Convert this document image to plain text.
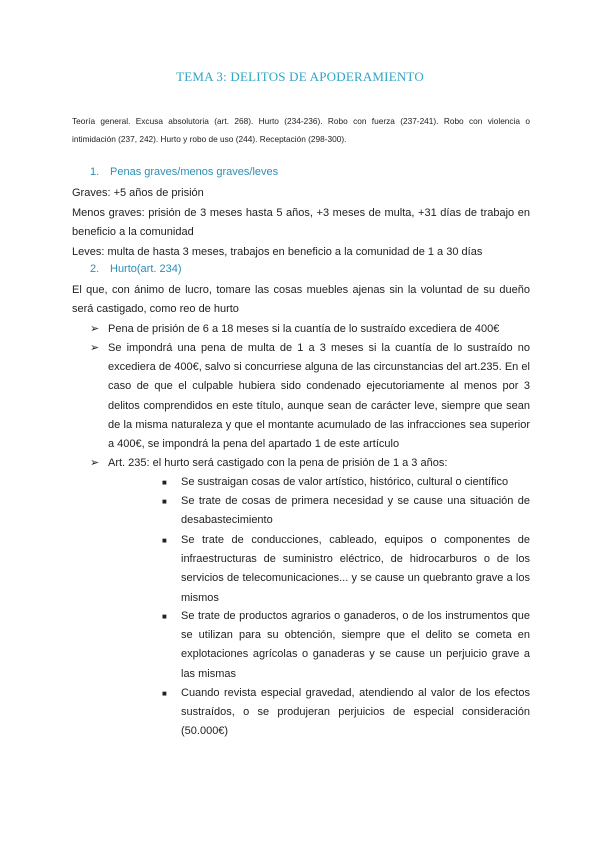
TEMA 3: DELITOS DE APODERAMIENTO
Teoría general. Excusa absolutoria (art. 268). Hurto (234-236). Robo con fuerza (237-241). Robo con violencia o intimidación (237, 242). Hurto y robo de uso (244). Receptación (298-300).
1. Penas graves/menos graves/leves
Graves: +5 años de prisión
Menos graves: prisión de 3 meses hasta 5 años, +3 meses de multa, +31 días de trabajo en beneficio a la comunidad
Leves: multa de hasta 3 meses, trabajos en beneficio a la comunidad de 1 a 30 días
2. Hurto(art. 234)
El que, con ánimo de lucro, tomare las cosas muebles ajenas sin la voluntad de su dueño será castigado, como reo de hurto
➢ Pena de prisión de 6 a 18 meses si la cuantía de lo sustraído excediera de 400€
➢ Se impondrá una pena de multa de 1 a 3 meses si la cuantía de lo sustraído no excediera de 400€, salvo si concurriese alguna de las circunstancias del art.235. En el caso de que el culpable hubiera sido condenado ejecutoriamente al menos por 3 delitos comprendidos en este título, aunque sean de carácter leve, siempre que sean de la misma naturaleza y que el montante acumulado de las infracciones sea superior a 400€, se impondrá la pena del apartado 1 de este artículo
➢ Art. 235: el hurto será castigado con la pena de prisión de 1 a 3 años:
■ Se sustraigan cosas de valor artístico, histórico, cultural o científico
■ Se trate de cosas de primera necesidad y se cause una situación de desabastecimiento
■ Se trate de conducciones, cableado, equipos o componentes de infraestructuras de suministro eléctrico, de hidrocarburos o de los servicios de telecomunicaciones... y se cause un quebranto grave a los mismos
■ Se trate de productos agrarios o ganaderos, o de los instrumentos que se utilizan para su obtención, siempre que el delito se cometa en explotaciones agrícolas o ganaderas y se cause un perjuicio grave a las mismas
■ Cuando revista especial gravedad, atendiendo al valor de los efectos sustraídos, o se produjeran perjuicios de especial consideración (50.000€)
